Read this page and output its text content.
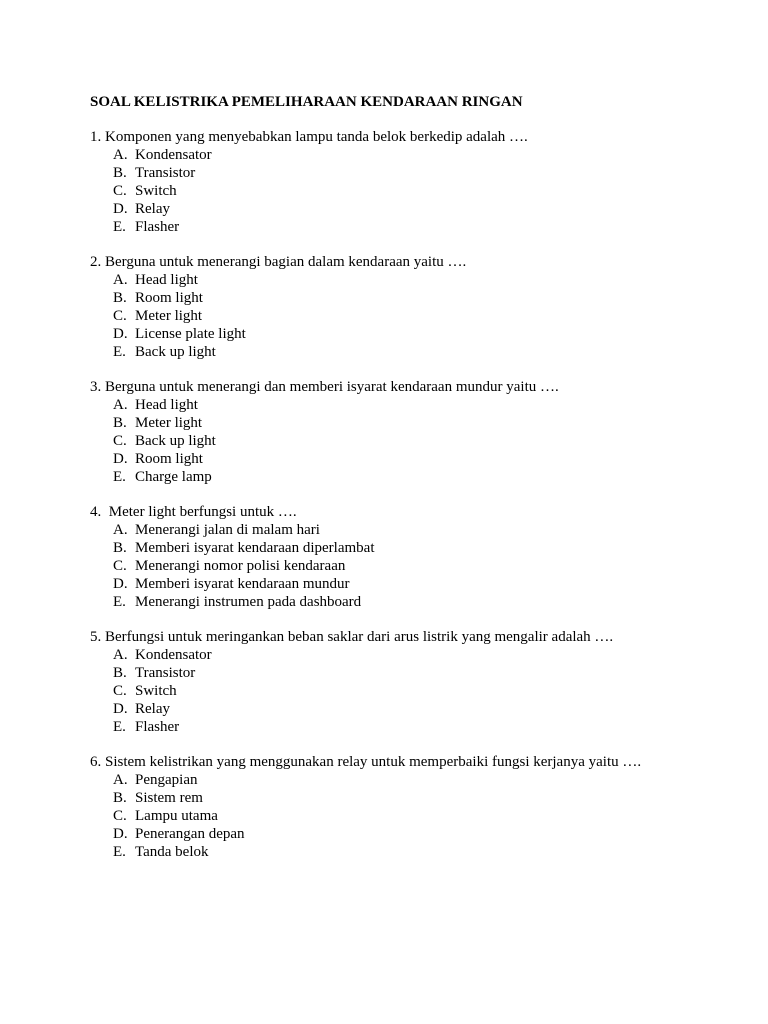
SOAL KELISTRIKA PEMELIHARAAN KENDARAAN RINGAN
1. Komponen yang menyebabkan lampu tanda belok berkedip adalah ….
A. Kondensator
B. Transistor
C. Switch
D. Relay
E. Flasher
2. Berguna untuk menerangi bagian dalam kendaraan yaitu ….
A. Head light
B. Room light
C. Meter light
D. License plate light
E. Back up light
3. Berguna untuk menerangi dan memberi isyarat kendaraan mundur yaitu ….
A. Head light
B. Meter light
C. Back up light
D. Room light
E. Charge lamp
4.  Meter light berfungsi untuk ….
A. Menerangi jalan di malam hari
B. Memberi isyarat kendaraan diperlambat
C. Menerangi nomor polisi kendaraan
D. Memberi isyarat kendaraan mundur
E. Menerangi instrumen pada dashboard
5. Berfungsi untuk meringankan beban saklar dari arus listrik yang mengalir adalah ….
A. Kondensator
B. Transistor
C. Switch
D. Relay
E. Flasher
6. Sistem kelistrikan yang menggunakan relay untuk memperbaiki fungsi kerjanya yaitu ….
A. Pengapian
B. Sistem rem
C. Lampu utama
D. Penerangan depan
E. Tanda belok
